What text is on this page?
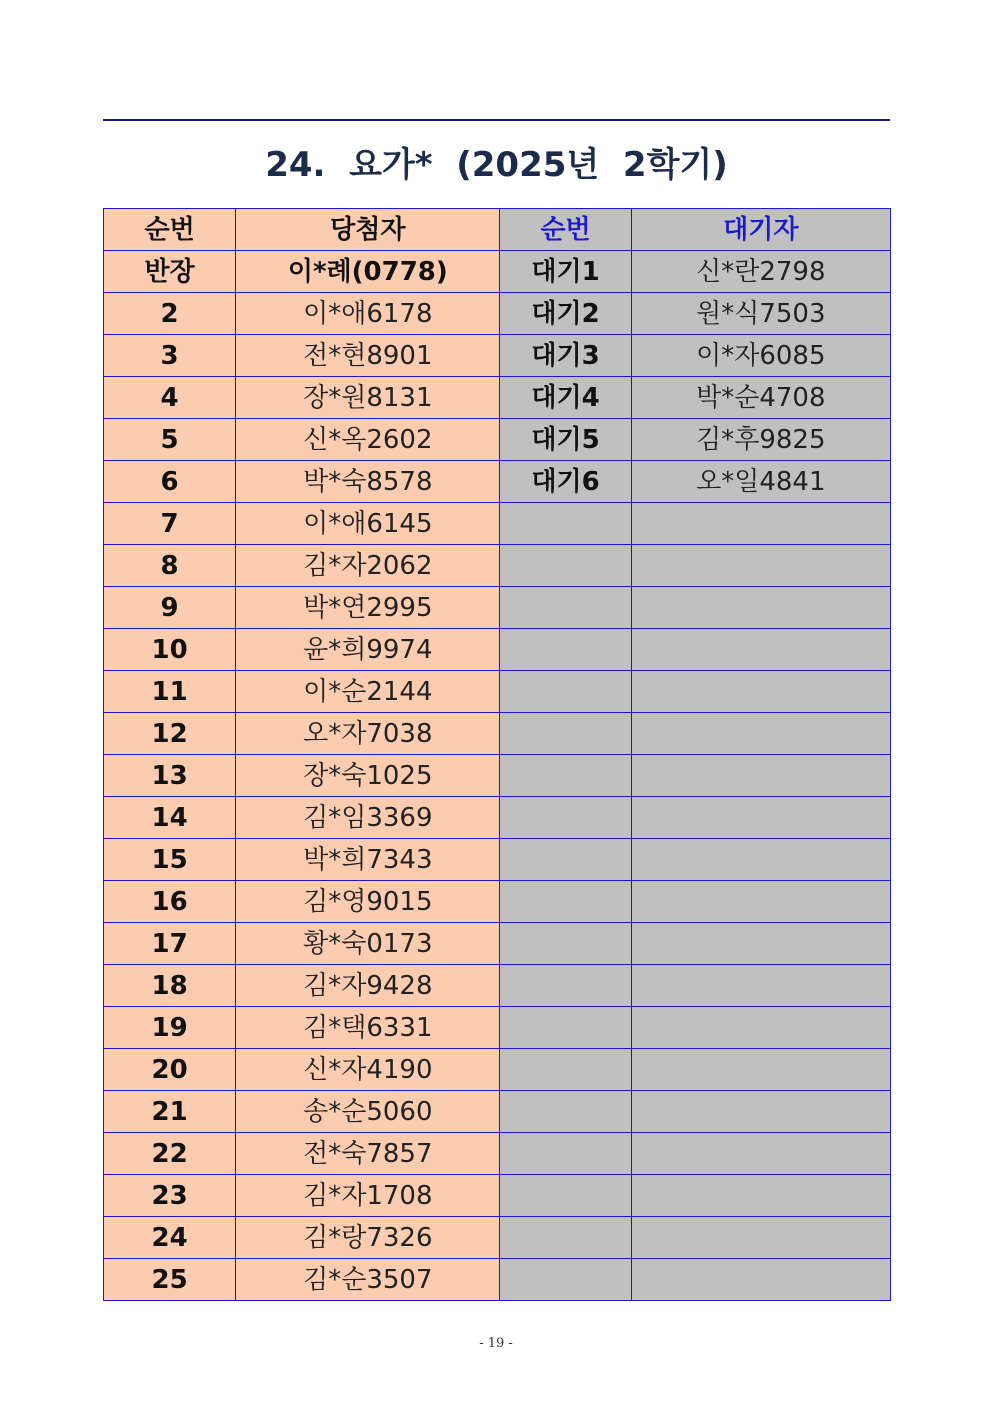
24.  요가*  (2025년  2학기)
순번	당첨자	순번	대기자
반장	이*례(0778)	대기1	신*란2798
2	이*애6178	대기2	원*식7503
3	전*현8901	대기3	이*자6085
4	장*원8131	대기4	박*순4708
5	신*옥2602	대기5	김*후9825
6	박*숙8578	대기6	오*일4841
7	이*애6145		
8	김*자2062		
9	박*연2995		
10	윤*희9974		
11	이*순2144		
12	오*자7038		
13	장*숙1025		
14	김*임3369		
15	박*희7343		
16	김*영9015		
17	황*숙0173		
18	김*자9428		
19	김*택6331		
20	신*자4190		
21	송*순5060		
22	전*숙7857		
23	김*자1708		
24	김*랑7326		
25	김*순3507		
- 19 -
